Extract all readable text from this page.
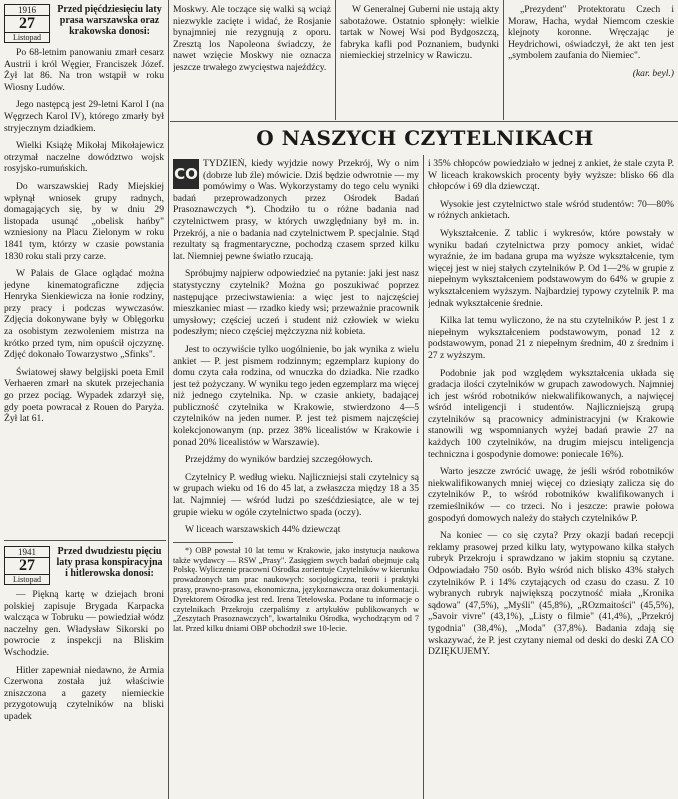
1916
27
Listopad
Przed pięćdziesięciu laty prasa warszawska oraz krakowska donosi:

Po 68-letnim panowaniu zmarł cesarz Austrii i król Węgier, Franciszek Józef. Żył lat 86. Na tron wstąpił w roku Wiosny Ludów.

Jego następcą jest 29-letni Karol I (na Węgrzech Karol IV), którego zmarły był stryjecznym dziadkiem.

Wielki Książę Mikołaj Mikołajewicz otrzymał naczelne dowództwo wojsk rosyjsko-rumuńskich.

Do warszawskiej Rady Miejskiej wpłynął wniosek grupy radnych, domagających się, by w dniu 29 listopada usunąć „obelisk hańby" wzniesiony na Placu Zielonym w roku 1841 tym, którzy w czasie powstania 1830 roku stali przy carze.

W Palais de Glace oglądać można jedyne kinematograficzne zdjęcia Henryka Sienkiewicza na łonie rodziny, przy pracy i podczas wywczasów. Zdjęcia dokonywane były w Oblęgorku za osobistym zezwoleniem mistrza na krótko przed tym, nim opuścił ojczyznę. Zdjęć dokonało Towarzystwo „Sfinks".

Światowej sławy belgijski poeta Emil Verhaeren zmarł na skutek przejechania go przez pociąg. Wypadek zdarzył się, gdy poeta powracał z Rouen do Paryża. Żył lat 61.

1941
27
Listopad
Przed dwudziestu pięciu laty prasa konspiracyjna i hitlerowska donosi:

— Piękną kartę w dziejach broni polskiej zapisuje Brygada Karpacka walcząca w Tobruku — powiedział wódz naczelny gen. Władysław Sikorski po powrocie z inspekcji na Bliskim Wschodzie.

Hitler zapewniał niedawno, że Armia Czerwona została już właściwie zniszczona a gazety niemieckie przygotowują czytelników na bliski upadek

Moskwy. Ale toczące się walki są wciąż niezwykle zacięte i widać, że Rosjanie bynajmniej nie rezygnują z oporu. Zresztą los Napoleona świadczy, że nawet wzięcie Moskwy nie oznacza jeszcze trwałego zwycięstwa najeźdźcy.

W Generalnej Guberni nie ustają akty sabotażowe. Ostatnio spłonęły: wielkie tartak w Nowej Wsi pod Bydgoszczą, fabryka kafli pod Poznaniem, budynki niemieckiej strzelnicy w Rawiczu.

„Prezydent" Protektoratu Czech i Moraw, Hacha, wydał Niemcom czeskie klejnoty koronne. Wręczając je Heydrichowi, oświadczył, że akt ten jest „symbolem zaufania do Niemiec".

(kar. beyl.)
O NASZYCH CZYTELNIKACH
CO

TYDZIEŃ, kiedy wyjdzie nowy Przekrój, Wy o nim (dobrze lub źle) mówicie. Dziś będzie odwrotnie — my pomówimy o Was. Wykorzystamy do tego celu wyniki badań przeprowadzonych przez Ośrodek Badań Prasoznawczych *). Chodziło tu o różne badania nad czytelnictwem prasy, w których uwzględniany był m. in. Przekrój, a nie o badania nad czytelnictwem P. specjalnie. Stąd rezultaty są fragmentaryczne, pochodzą czasem sprzed kilku lat. Niemniej pewne światło rzucają.

Spróbujmy najpierw odpowiedzieć na pytanie: jaki jest nasz statystyczny czytelnik? Można go poszukiwać poprzez następujące przeciwstawienia: a więc jest to najczęściej mieszkaniec miast — rzadko kiedy wsi; przeważnie pracownik umysłowy; częściej uczeń i student niż człowiek w wieku podeszłym; nieco częściej mężczyzna niż kobieta.

Jest to oczywiście tylko uogólnienie, bo jak wynika z wielu ankiet — P. jest pismem rodzinnym; egzemplarz kupiony do domu czyta cała rodzina, od wnuczka do dziadka. Nie rzadko jest też pożyczany. W wyniku tego jeden egzemplarz ma więcej niż jednego czytelnika. Np. w czasie ankiety, badającej publiczność czytelnika w Krakowie, stwierdzono 4—5 czytelników na jeden numer. P. jest też pismem najczęściej kolekcjonowanym (np. przez 38% licealistów w Krakowie i ponad 20% licealistów w Warszawie).

Przejdźmy do wyników bardziej szczegółowych.

Czytelnicy P. według wieku. Najliczniejsi stali czytelnicy są w grupach wieku od 16 do 45 lat, a zwłaszcza między 18 a 35 lat. Najmniej — wśród ludzi po sześćdziesiątce, ale w tej grupie wieku w ogóle czytelnictwo spada (oczy).

W liceach warszawskich 44% dziewcząt

*) OBP powstał 10 lat temu w Krakowie, jako instytucja naukowa także wydawcy — RSW „Prasy". Zasięgiem swych badań obejmuje całą Polskę. Wyliczenie pracowni Ośrodka zorientuje Czytelników w kierunku prowadzonych tam prac naukowych: socjologiczna, teorii i praktyki prasy, prawno-prasowa, ekonomiczna, językoznawcza oraz dokumentacji. Dyrektorem Ośrodka jest red. Irena Tetelowska. Podane tu informacje o czytelnikach Przekroju czerpaliśmy z artykułów publikowanych w „Zeszytach Prasoznawczych", kwartalniku Ośrodka, wychodzącym od 7 lat. Przed kilku dniami OBP obchodził swe 10-lecie.

i 35% chłopców powiedziało w jednej z ankiet, że stale czyta P. W liceach krakowskich procenty były wyższe: blisko 66 dla chłopców i 69 dla dziewcząt.

Wysokie jest czytelnictwo stale wśród studentów: 70—80% w różnych ankietach.

Wykształcenie. Z tablic i wykresów, które powstały w wyniku badań czytelnictwa przy pomocy ankiet, widać wyraźnie, że im badana grupa ma wyższe wykształcenie, tym więcej jest w niej stałych czytelników P. Od 1—2% w grupie z niepełnym wykształceniem podstawowym do 64% w grupie z wykształceniem wyższym. Najbardziej typowy czytelnik P. ma jednak wykształcenie średnie.

Kilka lat temu wyliczono, że na stu czytelników P. jest 1 z niepełnym wykształceniem podstawowym, ponad 12 z podstawowym, ponad 21 z niepełnym średnim, 40 z średnim i 27 z wyższym.

Podobnie jak pod względem wykształcenia układa się gradacja ilości czytelników w grupach zawodowych. Najmniej ich jest wśród robotników niekwalifikowanych, a najwięcej wśród inteligencji i studentów. Najliczniejszą grupą czytelników są pracownicy administracyjni (w Krakowie stanowili wg wspomnianych wyżej badań prawie 27 na każdych 100 czytelników, na drugim miejscu inteligencja techniczna i gospodynie domowe: poniecale 16%).

Warto jeszcze zwrócić uwagę, że jeśli wśród robotników niekwalifikowanych mniej więcej co dziesiąty zalicza się do czytelników P., to wśród robotników kwalifikowanych i rzemieślników — co trzeci. No i jeszcze: prawie połowa gospodyń domowych należy do stałych czytelników P.

Na koniec — co się czyta? Przy okazji badań recepcji reklamy prasowej przed kilku laty, wytypowano kilka stałych rubryk Przekroju i sprawdzano w jakim stopniu są czytane. Odpowiadało 750 osób. Było wśród nich blisko 43% stałych czytelników P. i 14% czytających od czasu do czasu. Z 10 wybranych rubryk największą poczytność miała „Kronika sądowa" (47,5%), „Myśli" (45,8%), „ROzmaitości" (45,5%), „Savoir vivre" (43,1%), „Listy o filmie" (41,4%), „Przekrój tygodnia" (38,4%), „Moda" (37,8%). Badania zdają się wskazywać, że P. jest czytany niemal od deski do deski ZA CO DZIĘKUJEMY.
